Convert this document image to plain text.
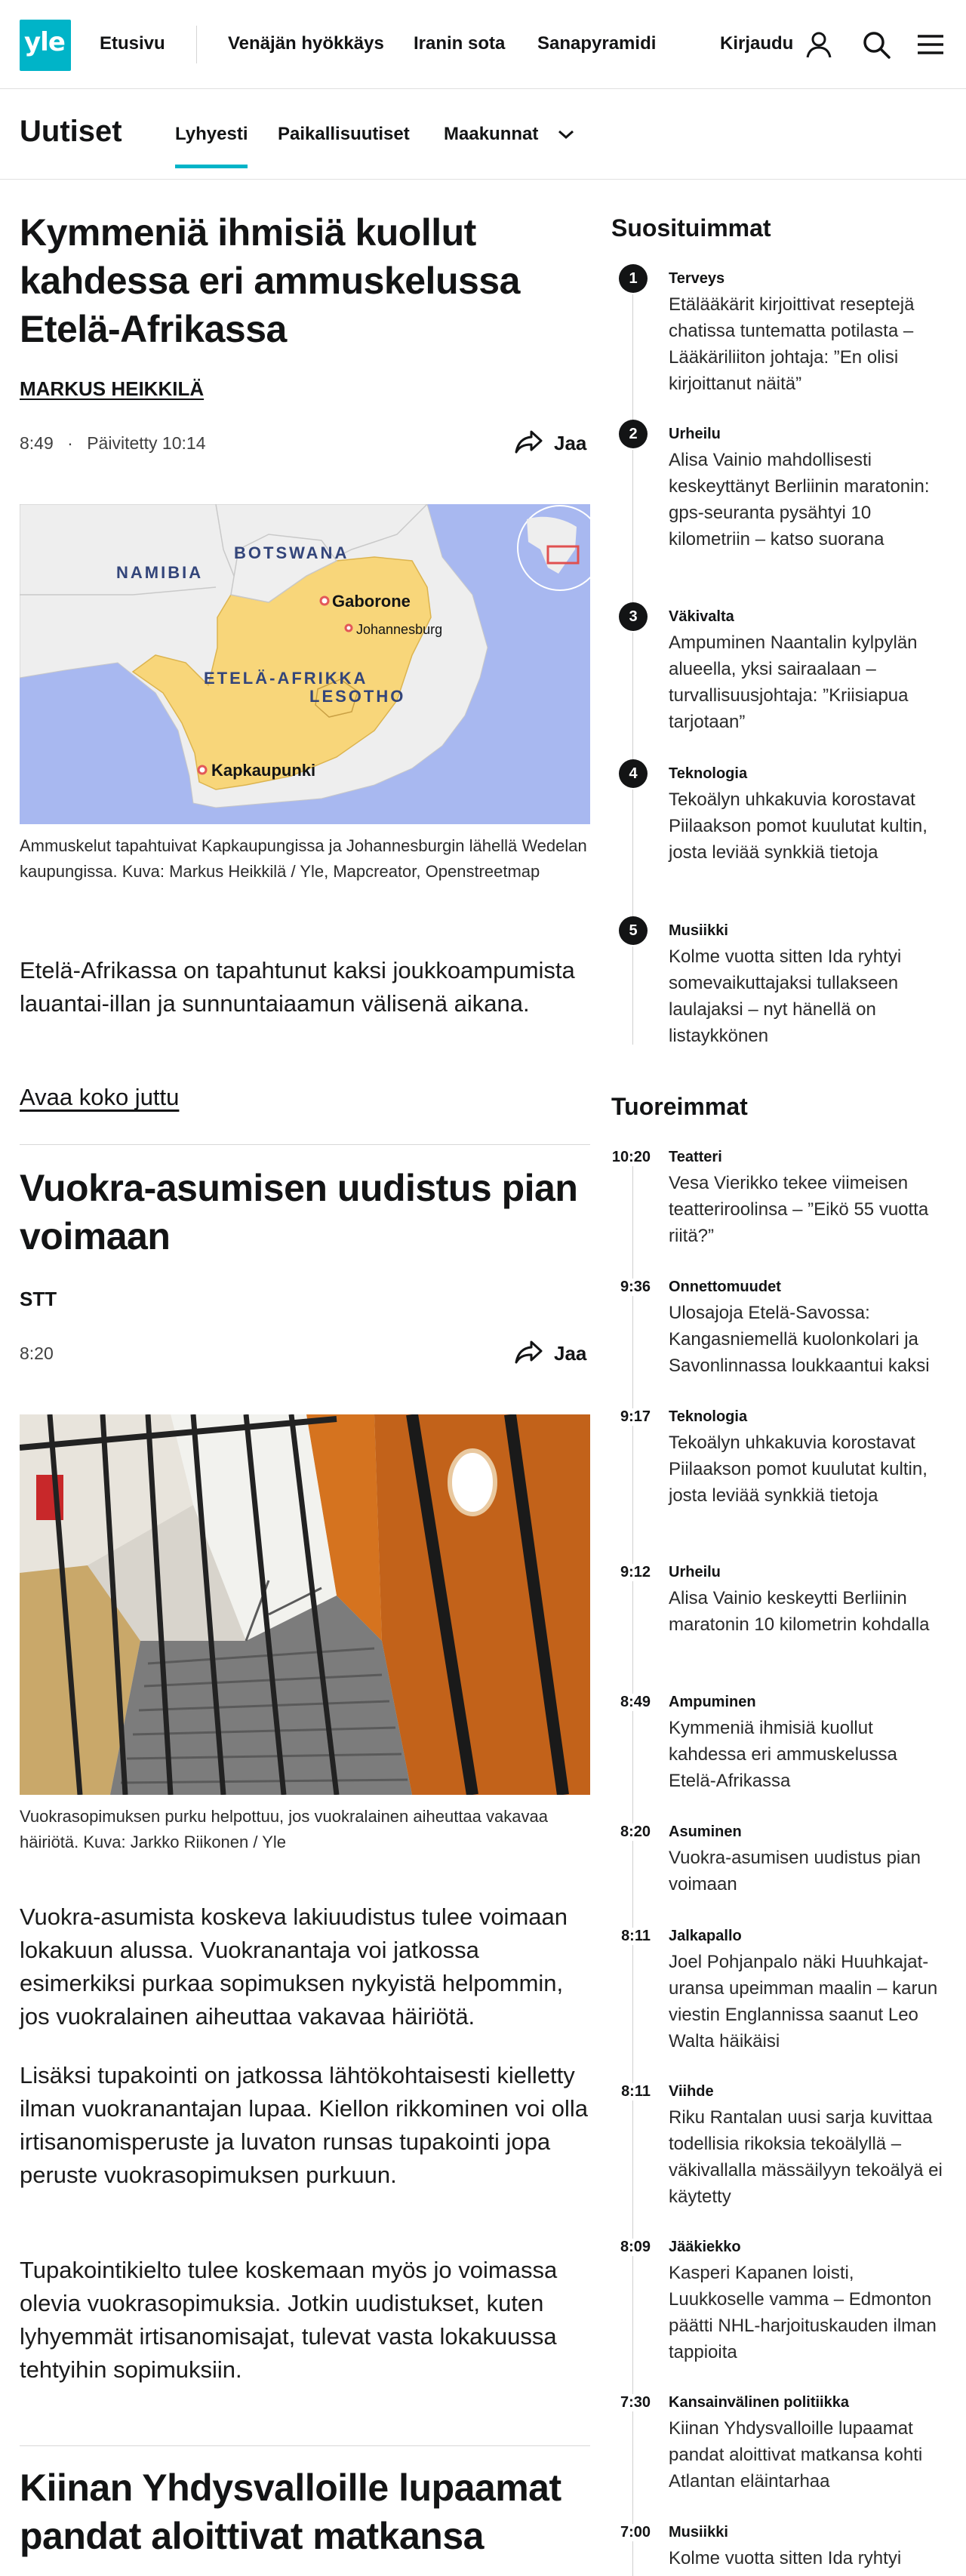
yle Etusivu	Venäjän hyökkäys Iranin sota Sanapyramidi	Kirjaudu
Uutiset	Lyhyesti Paikallisuutiset Maakunnat
Kymmeniä ihmisiä kuollut kahdessa eri ammuskelussa Etelä-Afrikassa
MARKUS HEIKKILÄ
8:49 · Päivitetty 10:14	Jaa
NAMIBIA
BOTSWANA
Gaborone
Johannesburg
ETELÄ-AFRIKKA
LESOTHO
Kapkaupunki

Ammuskelut tapahtuivat Kapkaupungissa ja Johannesburgin lähellä Wedelan kaupungissa. Kuva: Markus Heikkilä / Yle, Mapcreator, Openstreetmap

Etelä-Afrikassa on tapahtunut kaksi joukkoampumista lauantai-illan ja sunnuntaiaamun välisenä aikana.

Avaa koko juttu
Vuokra-asumisen uudistus pian voimaan
STT
8:20	Jaa

Vuokrasopimuksen purku helpottuu, jos vuokralainen aiheuttaa vakavaa häiriötä. Kuva: Jarkko Riikonen / Yle

Vuokra-asumista koskeva lakiuudistus tulee voimaan lokakuun alussa. Vuokranantaja voi jatkossa esimerkiksi purkaa sopimuksen nykyistä helpommin, jos vuokralainen aiheuttaa vakavaa häiriötä.

Lisäksi tupakointi on jatkossa lähtökohtaisesti kielletty ilman vuokranantajan lupaa. Kiellon rikkominen voi olla irtisanomisperuste ja luvaton runsas tupakointi jopa peruste vuokrasopimuksen purkuun.

Tupakointikielto tulee koskemaan myös jo voimassa olevia vuokrasopimuksia. Jotkin uudistukset, kuten lyhyemmät irtisanomisajat, tulevat vasta lokakuussa tehtyihin sopimuksiin.

Kiinan Yhdysvalloille lupaamat pandat aloittivat matkansa
Suosituimmat
1	Terveys
Etälääkärit kirjoittivat reseptejä chatissa tuntematta potilasta – Lääkäriliiton johtaja: ”En olisi kirjoittanut näitä”
2	Urheilu
Alisa Vainio mahdollisesti keskeyttänyt Berliinin maratonin: gps-seuranta pysähtyi 10 kilometriin – katso suorana
3	Väkivalta
Ampuminen Naantalin kylpylän alueella, yksi sairaalaan – turvallisuusjohtaja: ”Kriisiapua tarjotaan”
4	Teknologia
Tekoälyn uhkakuvia korostavat Piilaakson pomot kuulutat kultin, josta leviää synkkiä tietoja
5	Musiikki
Kolme vuotta sitten Ida ryhtyi somevaikuttajaksi tullakseen laulajaksi – nyt hänellä on listaykkönen
Tuoreimmat
10:20 Teatteri
Vesa Vierikko tekee viimeisen teatteriroolinsa – ”Eikö 55 vuotta riitä?”
9:36 Onnettomuudet
Ulosajoja Etelä-Savossa: Kangasniemellä kuolonkolari ja Savonlinnassa loukkaantui kaksi
9:17 Teknologia
Tekoälyn uhkakuvia korostavat Piilaakson pomot kuulutat kultin, josta leviää synkkiä tietoja
9:12 Urheilu
Alisa Vainio keskeytti Berliinin maratonin 10 kilometrin kohdalla
8:49 Ampuminen
Kymmeniä ihmisiä kuollut kahdessa eri ammuskelussa Etelä-Afrikassa
8:20 Asuminen
Vuokra-asumisen uudistus pian voimaan
8:11 Jalkapallo
Joel Pohjanpalo näki Huuhkajat-uransa upeimman maalin – karun viestin Englannissa saanut Leo Walta häikäisi
8:11 Viihde
Riku Rantalan uusi sarja kuvittaa todellisia rikoksia tekoälyllä – väkivallalla mässäilyyn tekoälyä ei käytetty
8:09 Jääkiekko
Kasperi Kapanen loisti, Luukkoselle vamma – Edmonton päätti NHL-harjoituskauden ilman tappioita
7:30 Kansainvälinen politiikka
Kiinan Yhdysvalloille lupaamat pandat aloittivat matkansa kohti Atlantan eläintarhaa
7:00 Musiikki
Kolme vuotta sitten Ida ryhtyi
